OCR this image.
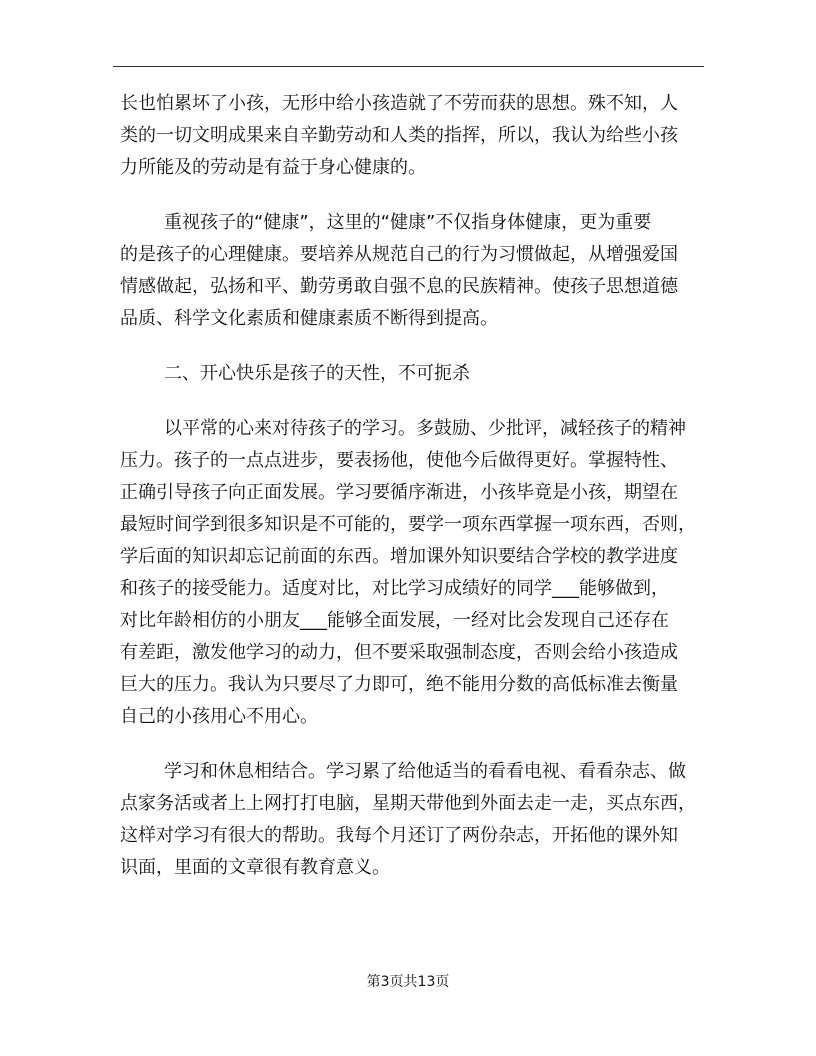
长也怕累坏了小孩，无形中给小孩造就了不劳而获的思想。殊不知，人
类的一切文明成果来自辛勤劳动和人类的指挥，所以，我认为给些小孩
力所能及的劳动是有益于身心健康的。
重视孩子的“健康”，这里的“健康”不仅指身体健康，更为重要
的是孩子的心理健康。要培养从规范自己的行为习惯做起，从增强爱国
情感做起，弘扬和平、勤劳勇敢自强不息的民族精神。使孩子思想道德
品质、科学文化素质和健康素质不断得到提高。
二、开心快乐是孩子的天性，不可扼杀
以平常的心来对待孩子的学习。多鼓励、少批评，减轻孩子的精神
压力。孩子的一点点进步，要表扬他，使他今后做得更好。掌握特性、
正确引导孩子向正面发展。学习要循序渐进，小孩毕竟是小孩，期望在
最短时间学到很多知识是不可能的，要学一项东西掌握一项东西，否则，
学后面的知识却忘记前面的东西。增加课外知识要结合学校的教学进度
和孩子的接受能力。适度对比，对比学习成绩好的同学___能够做到，
对比年龄相仿的小朋友___能够全面发展，一经对比会发现自己还存在
有差距，激发他学习的动力，但不要采取强制态度，否则会给小孩造成
巨大的压力。我认为只要尽了力即可，绝不能用分数的高低标准去衡量
自己的小孩用心不用心。
学习和休息相结合。学习累了给他适当的看看电视、看看杂志、做
点家务活或者上上网打打电脑，星期天带他到外面去走一走，买点东西，
这样对学习有很大的帮助。我每个月还订了两份杂志，开拓他的课外知
识面，里面的文章很有教育意义。
第3页共13页
